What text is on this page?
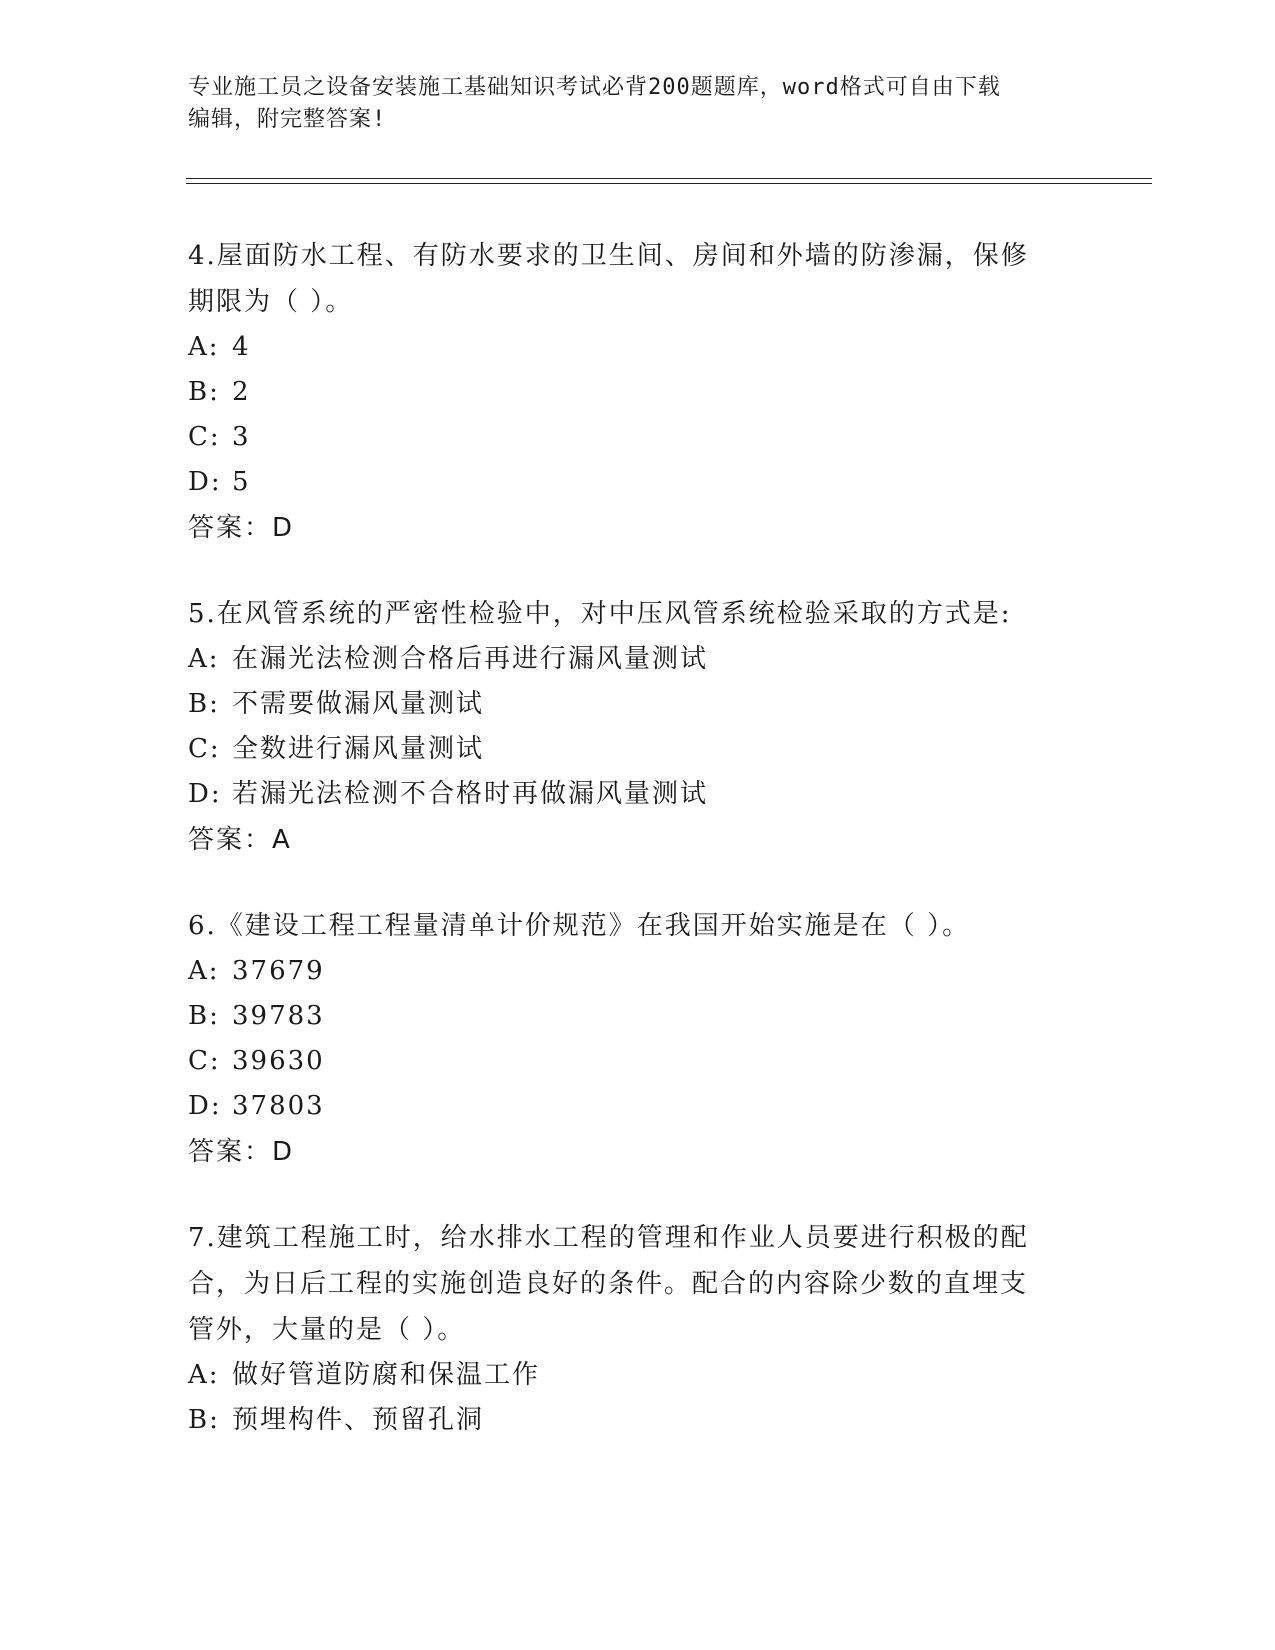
专业施工员之设备安装施工基础知识考试必背200题题库，word格式可自由下载
编辑，附完整答案!
4.屋面防水工程、有防水要求的卫生间、房间和外墙的防渗漏，保修
期限为（ ）。
A: 4
B: 2
C: 3
D: 5
答案：D
5.在风管系统的严密性检验中，对中压风管系统检验采取的方式是:
A: 在漏光法检测合格后再进行漏风量测试
B: 不需要做漏风量测试
C: 全数进行漏风量测试
D: 若漏光法检测不合格时再做漏风量测试
答案：A
6.《建设工程工程量清单计价规范》在我国开始实施是在（ ）。
A: 37679
B: 39783
C: 39630
D: 37803
答案：D
7.建筑工程施工时，给水排水工程的管理和作业人员要进行积极的配
合，为日后工程的实施创造良好的条件。配合的内容除少数的直埋支
管外，大量的是（ ）。
A: 做好管道防腐和保温工作
B: 预埋构件、预留孔洞
